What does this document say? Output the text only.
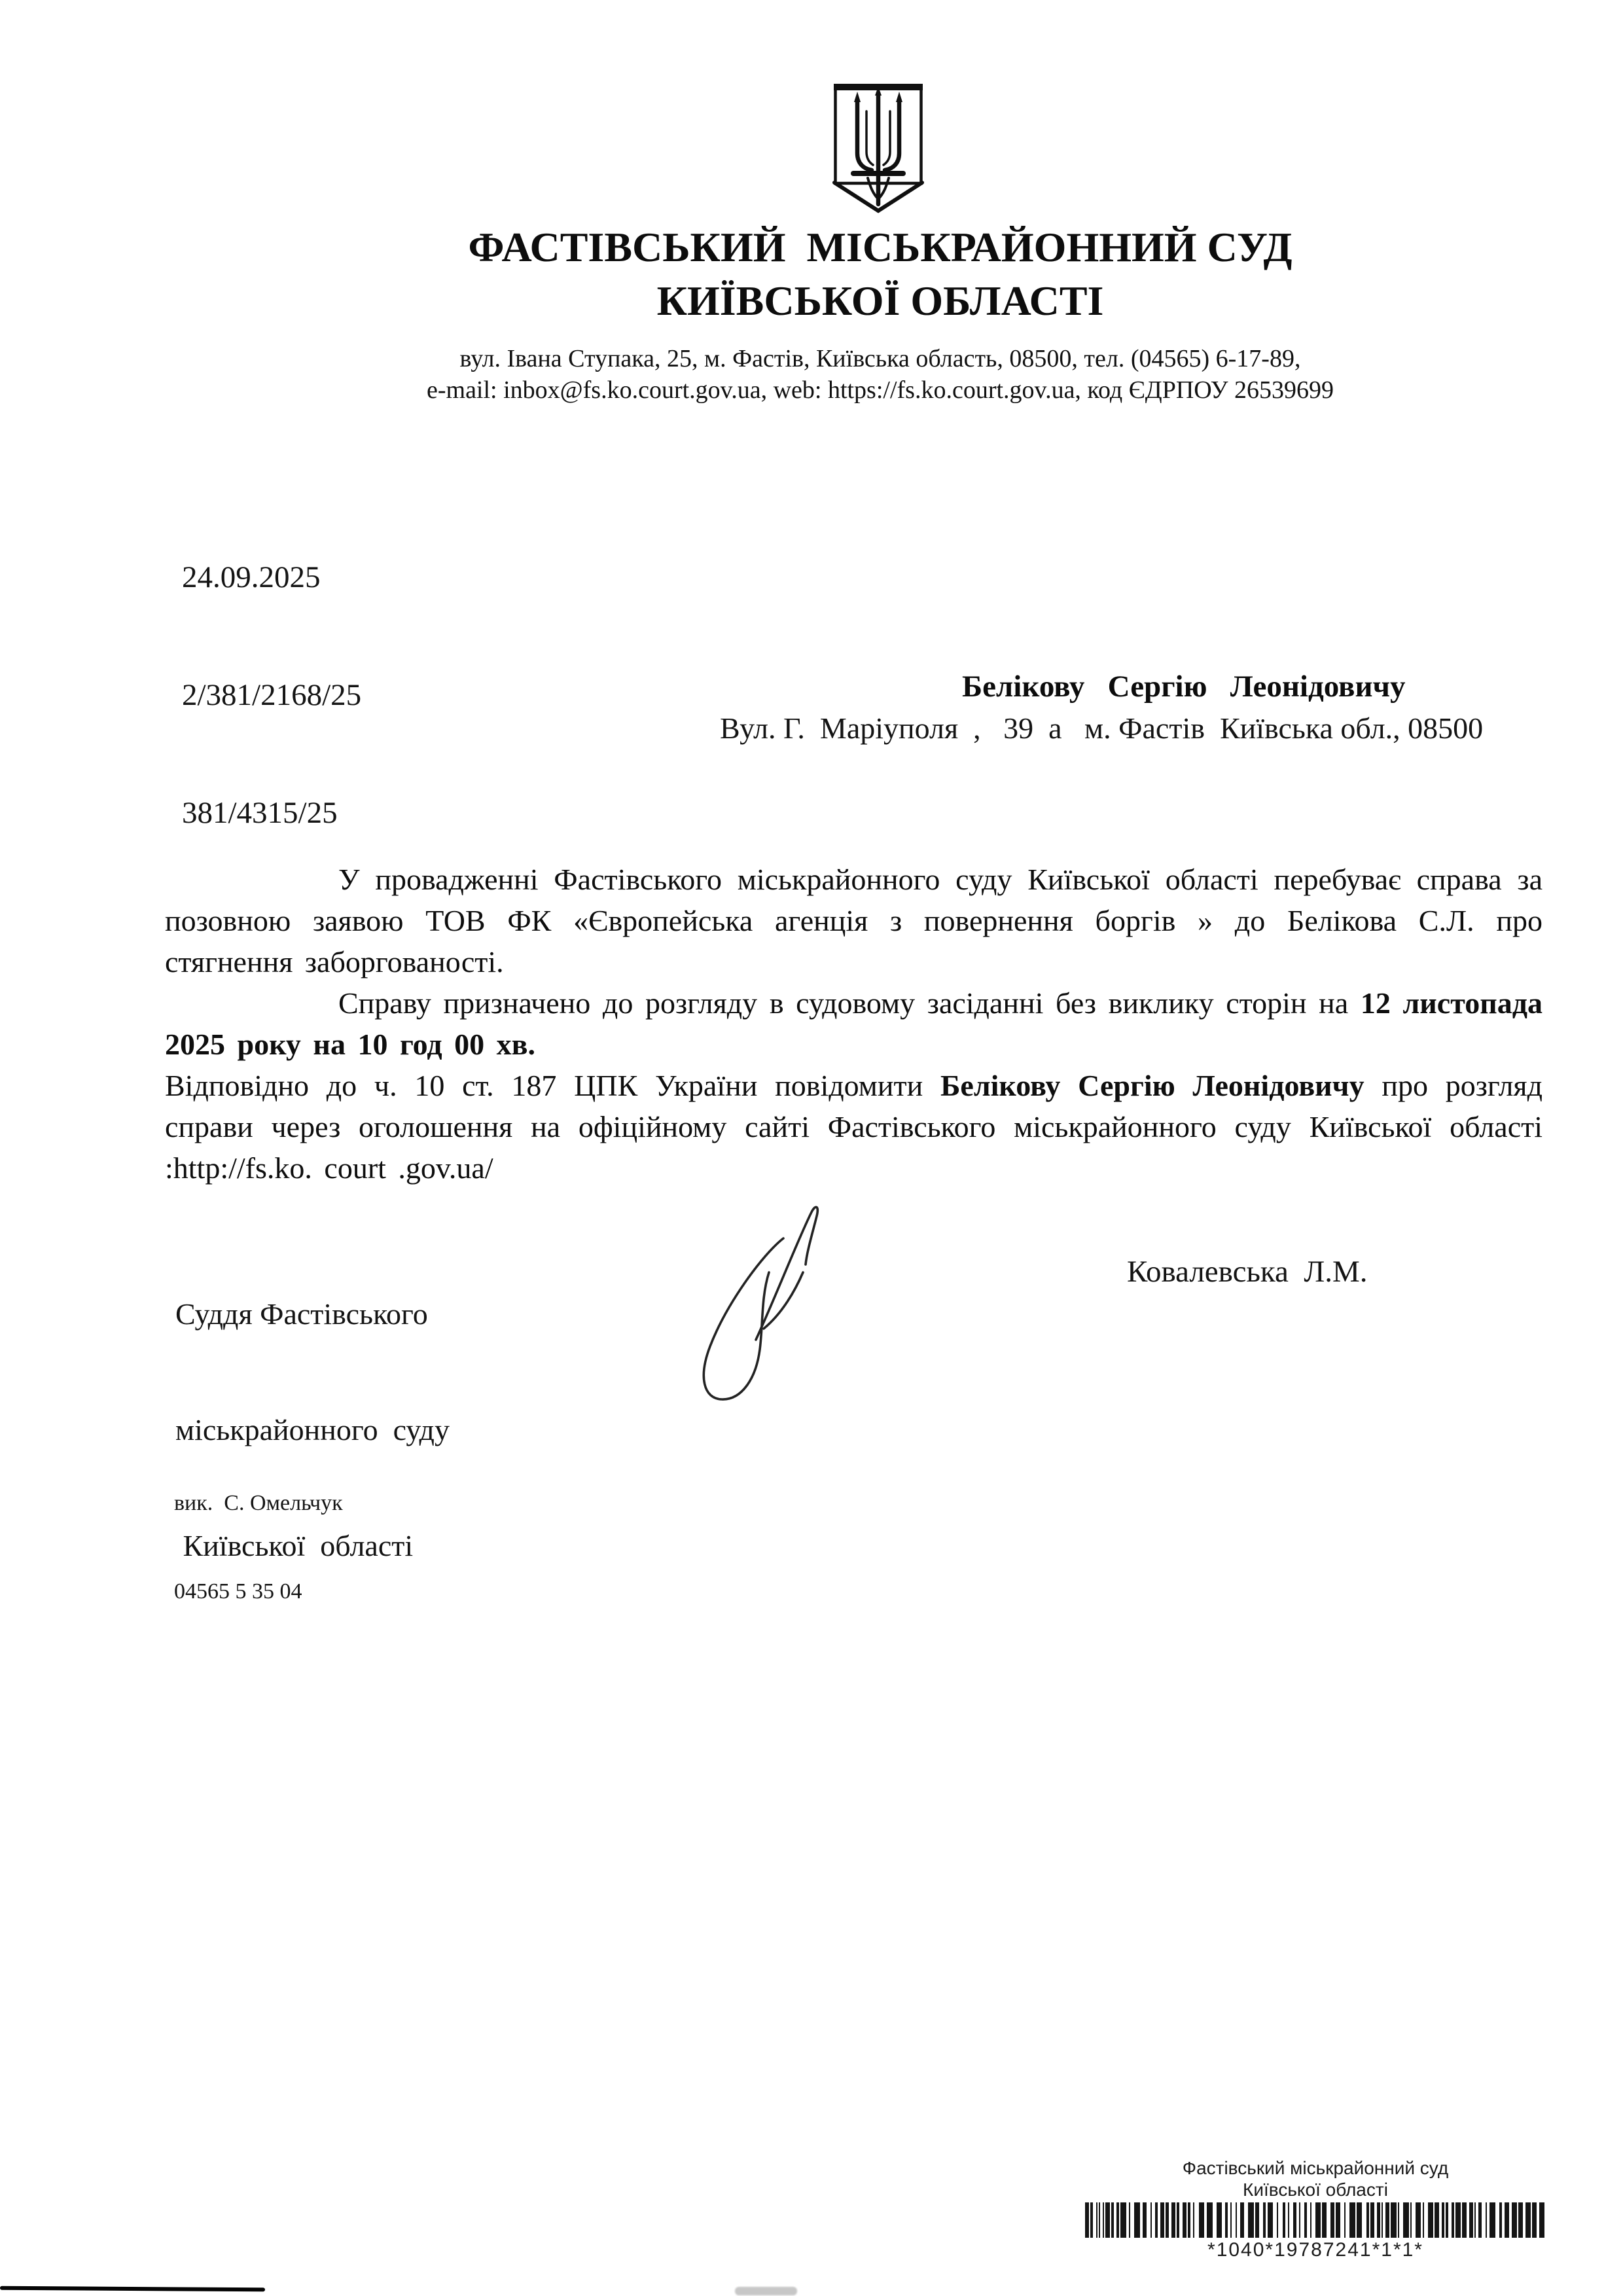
ФАСТІВСЬКИЙ  МІСЬКРАЙОННИЙ СУД
КИЇВСЬКОЇ ОБЛАСТІ
вул. Івана Ступака, 25, м. Фастів, Київська область, 08500, тел. (04565) 6-17-89,
e-mail: inbox@fs.ko.court.gov.ua, web: https://fs.ko.court.gov.ua, код ЄДРПОУ 26539699

24.09.2025

2/381/2168/25

381/4315/25

Белікову   Сергію   Леонідовичу
Вул. Г.  Маріуполя  ,   39  а   м. Фастів  Київська обл., 08500

У провадженні Фастівського міськрайонного суду Київської області перебуває справа за позовною заявою ТОВ ФК «Європейська агенція з повернення боргів » до Белікова С.Л. про стягнення заборгованості.

Справу призначено до розгляду в судовому засіданні без виклику сторін на 12 листопада 2025 року на 10 год 00 хв.

Відповідно до ч. 10 ст. 187 ЦПК України повідомити Белікову Сергію Леонідовичу про розгляд справи через оголошення на офіційному сайті Фастівського міськрайонного суду Київської області :http://fs.ko. court .gov.ua/

Суддя Фастівського

міськрайонного  суду

Київської  області

Ковалевська  Л.М.

вик.  С. Омельчук

04565 5 35 04

Фастівський міськрайонний суд
Київської області
*1040*19787241*1*1*
